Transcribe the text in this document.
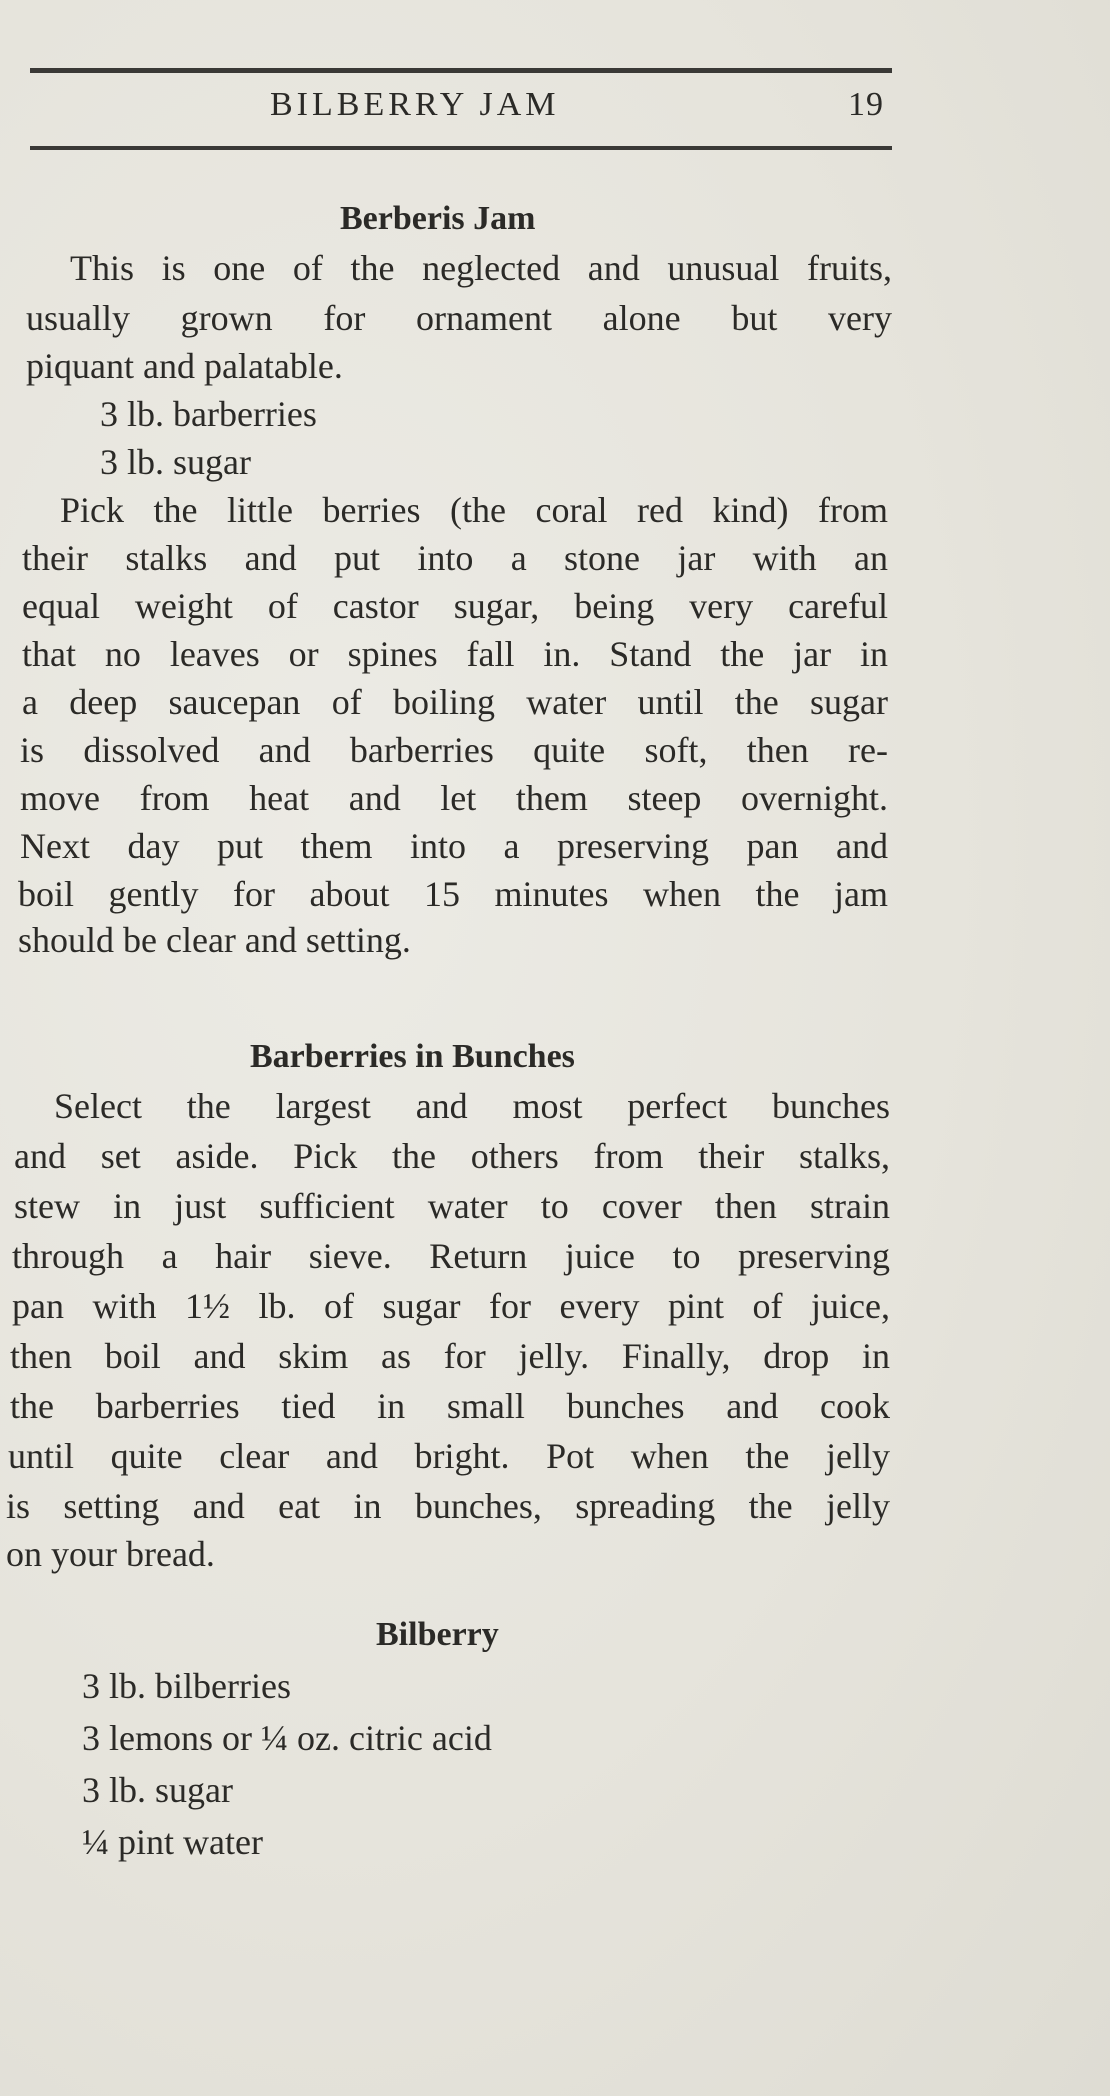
BILBERRY JAM	19
Berberis Jam
This is one of the neglected and unusual fruits,
usually grown for ornament alone but very
piquant and palatable.
3 lb. barberries
3 lb. sugar
Pick the little berries (the coral red kind) from
their stalks and put into a stone jar with an
equal weight of castor sugar, being very careful
that no leaves or spines fall in. Stand the jar in
a deep saucepan of boiling water until the sugar
is dissolved and barberries quite soft, then re-
move from heat and let them steep overnight.
Next day put them into a preserving pan and
boil gently for about 15 minutes when the jam
should be clear and setting.
Barberries in Bunches
Select the largest and most perfect bunches
and set aside. Pick the others from their stalks,
stew in just sufficient water to cover then strain
through a hair sieve. Return juice to preserving
pan with 1½ lb. of sugar for every pint of juice,
then boil and skim as for jelly. Finally, drop in
the barberries tied in small bunches and cook
until quite clear and bright. Pot when the jelly
is setting and eat in bunches, spreading the jelly
on your bread.
Bilberry
3 lb. bilberries
3 lemons or ¼ oz. citric acid
3 lb. sugar
¼ pint water
